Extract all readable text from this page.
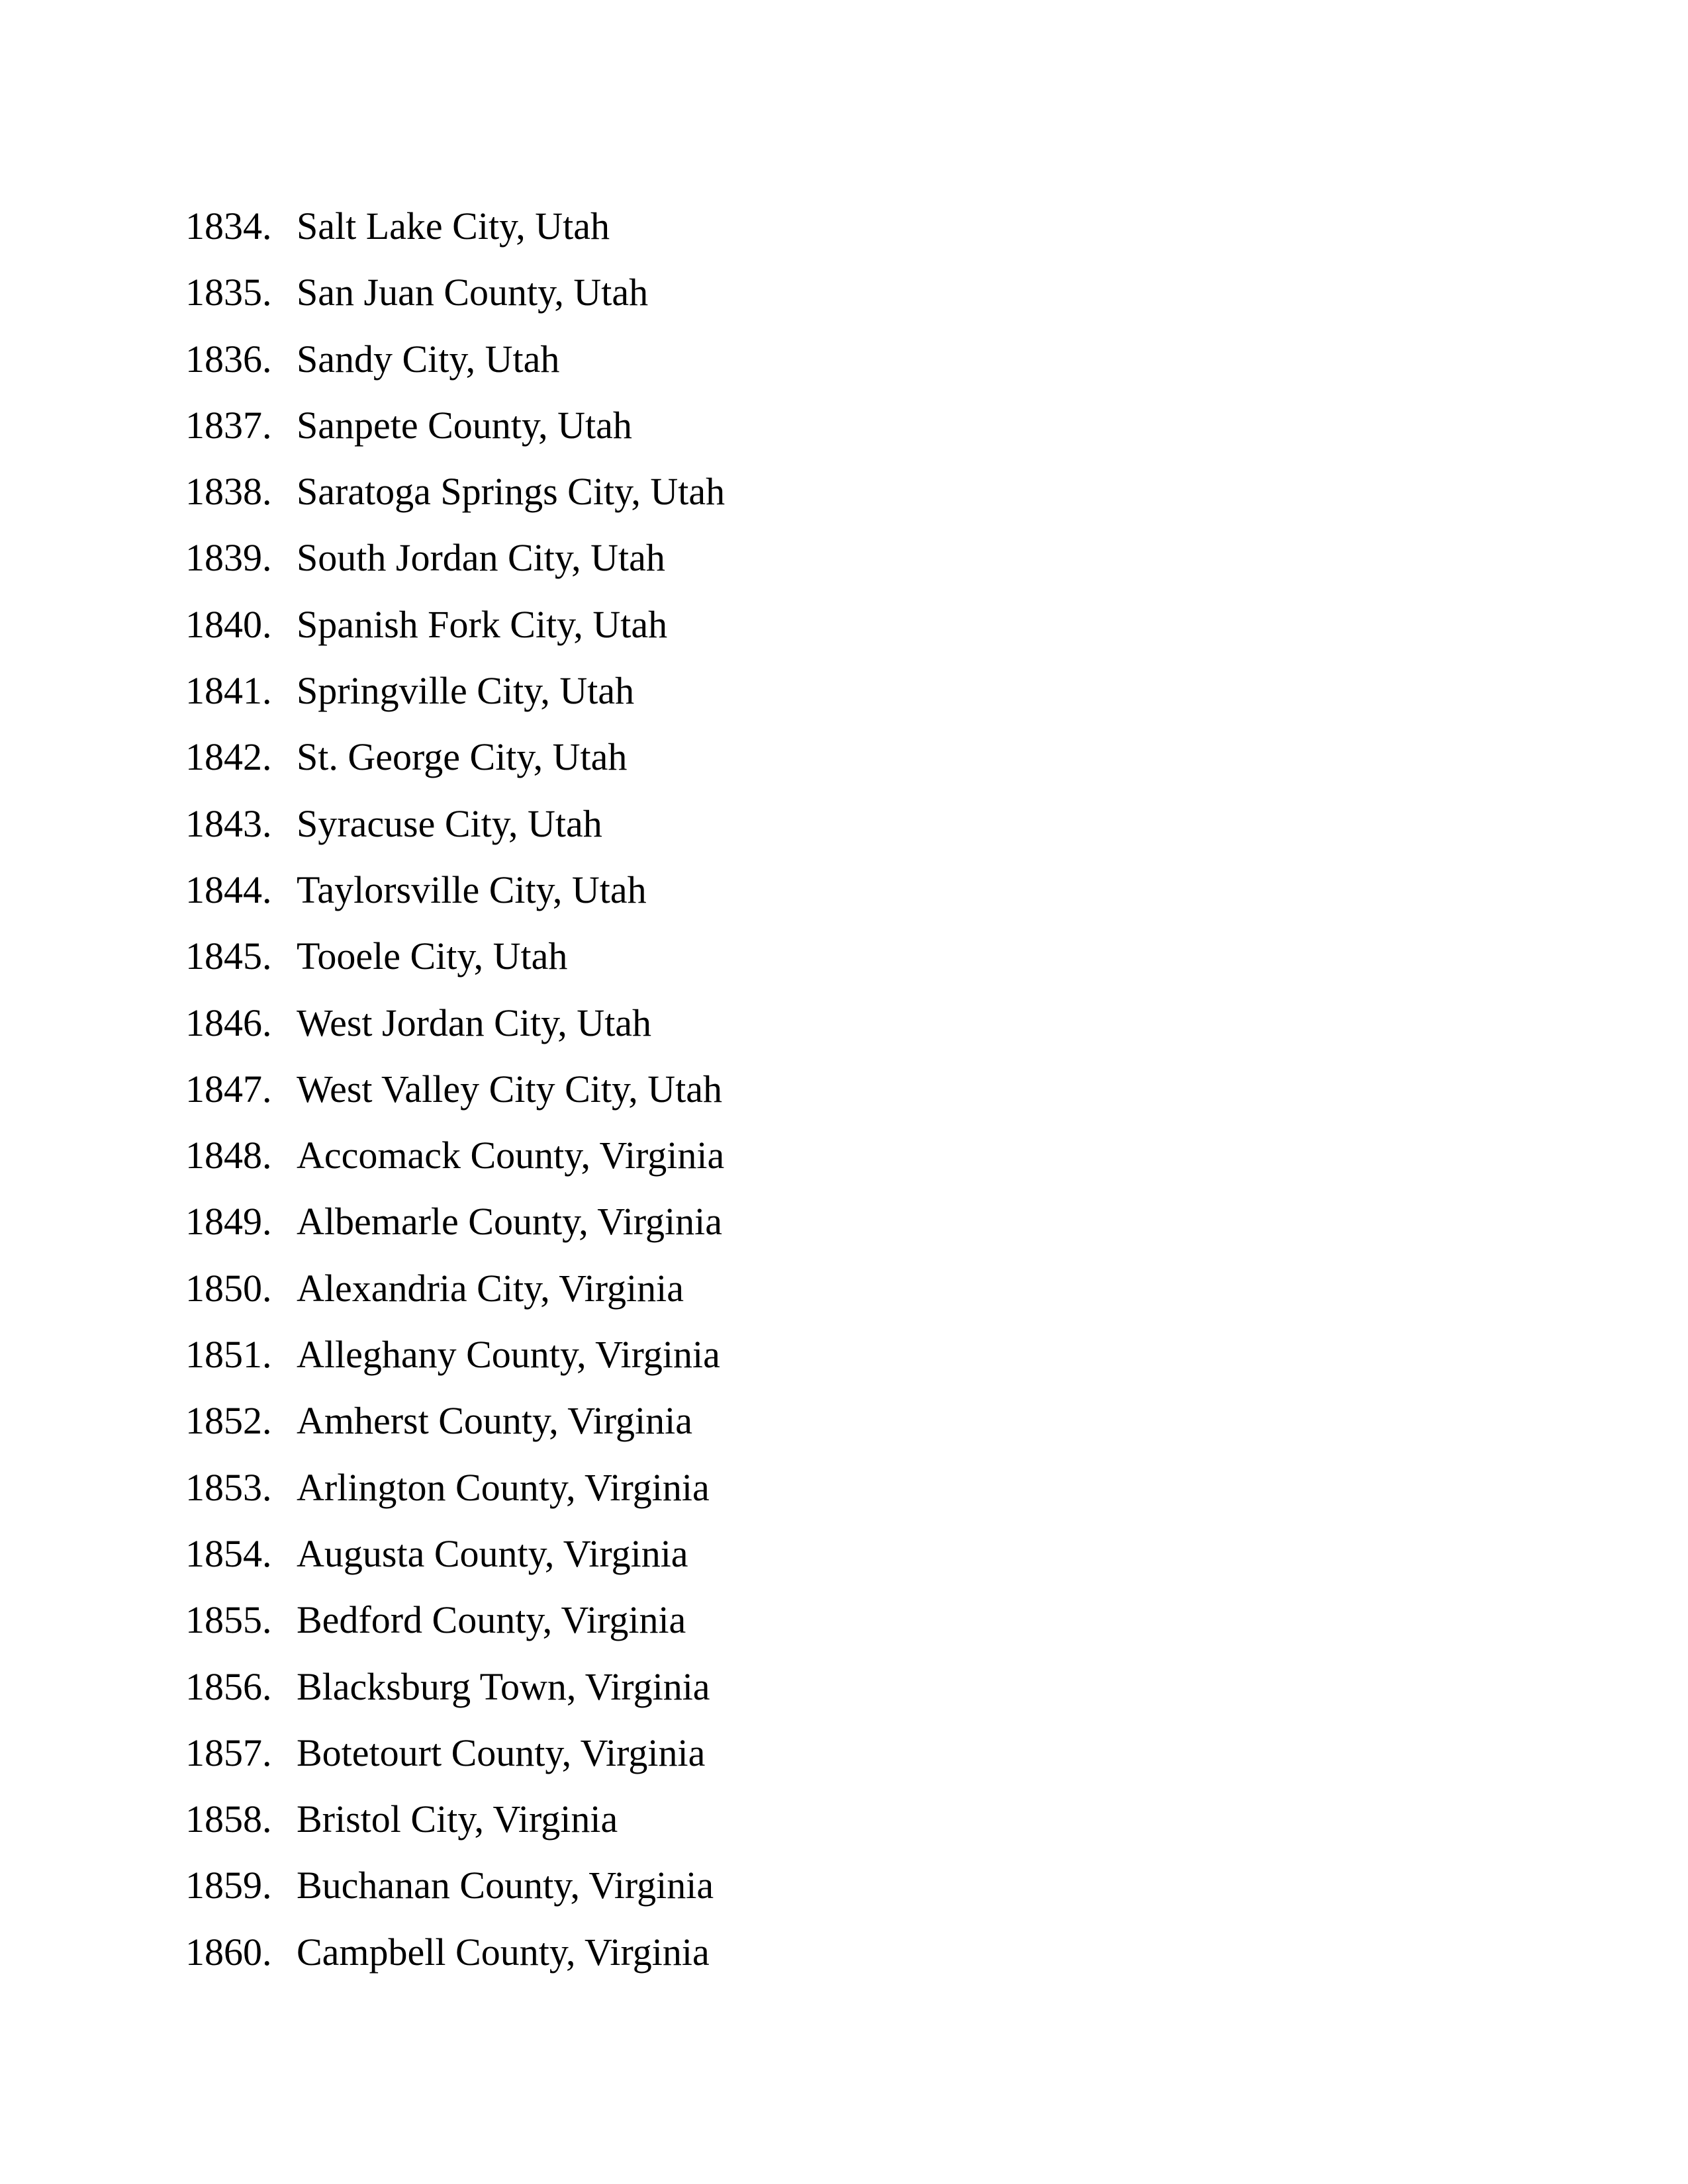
1834. Salt Lake City, Utah
1835. San Juan County, Utah
1836. Sandy City, Utah
1837. Sanpete County, Utah
1838. Saratoga Springs City, Utah
1839. South Jordan City, Utah
1840. Spanish Fork City, Utah
1841. Springville City, Utah
1842. St. George City, Utah
1843. Syracuse City, Utah
1844. Taylorsville City, Utah
1845. Tooele City, Utah
1846. West Jordan City, Utah
1847. West Valley City City, Utah
1848. Accomack County, Virginia
1849. Albemarle County, Virginia
1850. Alexandria City, Virginia
1851. Alleghany County, Virginia
1852. Amherst County, Virginia
1853. Arlington County, Virginia
1854. Augusta County, Virginia
1855. Bedford County, Virginia
1856. Blacksburg Town, Virginia
1857. Botetourt County, Virginia
1858. Bristol City, Virginia
1859. Buchanan County, Virginia
1860. Campbell County, Virginia
